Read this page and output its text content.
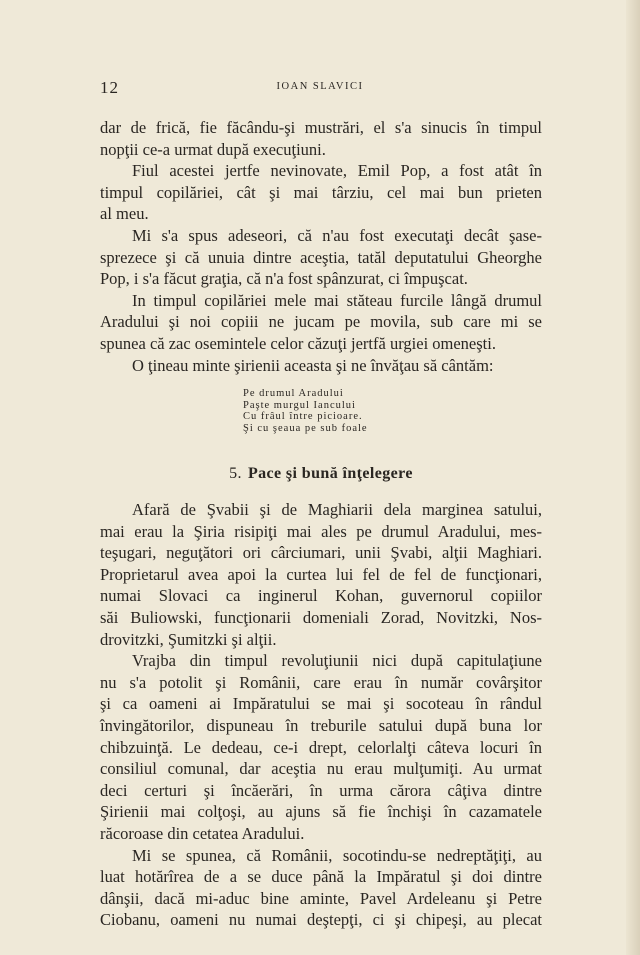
12	IOAN SLAVICI

dar de frică, fie făcându-şi mustrări, el s'a sinucis în timpul

nopţii ce-a urmat după execuţiuni.

Fiul acestei jertfe nevinovate, Emil Pop, a fost atât în

timpul copilăriei, cât şi mai târziu, cel mai bun prieten

al meu.

Mi s'a spus adeseori, că n'au fost executaţi decât şase-

sprezece şi că unuia dintre aceştia, tatăl deputatului Gheorghe

Pop, i s'a făcut graţia, că n'a fost spânzurat, ci împuşcat.

In timpul copilăriei mele mai stăteau furcile lângă drumul

Aradului şi noi copiii ne jucam pe movila, sub care mi se

spunea că zac osemintele celor căzuţi jertfă urgiei omeneşti.

O ţineau minte şirienii aceasta şi ne învăţau să cântăm:

Pe drumul Aradului
Paşte murgul Iancului
Cu frâul între picioare.
Şi cu şeaua pe sub foale
5. Pace şi bună înţelegere

Afară de Şvabii şi de Maghiarii dela marginea satului,

mai erau la Şiria risipiţi mai ales pe drumul Aradului, mes-

teşugari, neguţători ori cârciumari, unii Şvabi, alţii Maghiari.

Proprietarul avea apoi la curtea lui fel de fel de funcţionari,

numai Slovaci ca inginerul Kohan, guvernorul copiilor

săi Buliowski, funcţionarii domeniali Zorad, Novitzki, Nos-

drovitzki, Şumitzki şi alţii.

Vrajba din timpul revoluţiunii nici după capitulaţiune

nu s'a potolit şi Românii, care erau în număr covârşitor

şi ca oameni ai Impăratului se mai şi socoteau în rândul

învingătorilor, dispuneau în treburile satului după buna lor

chibzuinţă. Le dedeau, ce-i drept, celorlalţi câteva locuri în

consiliul comunal, dar aceştia nu erau mulţumiţi. Au urmat

deci certuri şi încăerări, în urma cărora câţiva dintre

Şirienii mai colţoşi, au ajuns să fie închişi în cazamatele

răcoroase din cetatea Aradului.

Mi se spunea, că Românii, socotindu-se nedreptăţiţi, au

luat hotărîrea de a se duce până la Impăratul şi doi dintre

dânşii, dacă mi-aduc bine aminte, Pavel Ardeleanu şi Petre

Ciobanu, oameni nu numai deştepţi, ci şi chipeşi, au plecat
